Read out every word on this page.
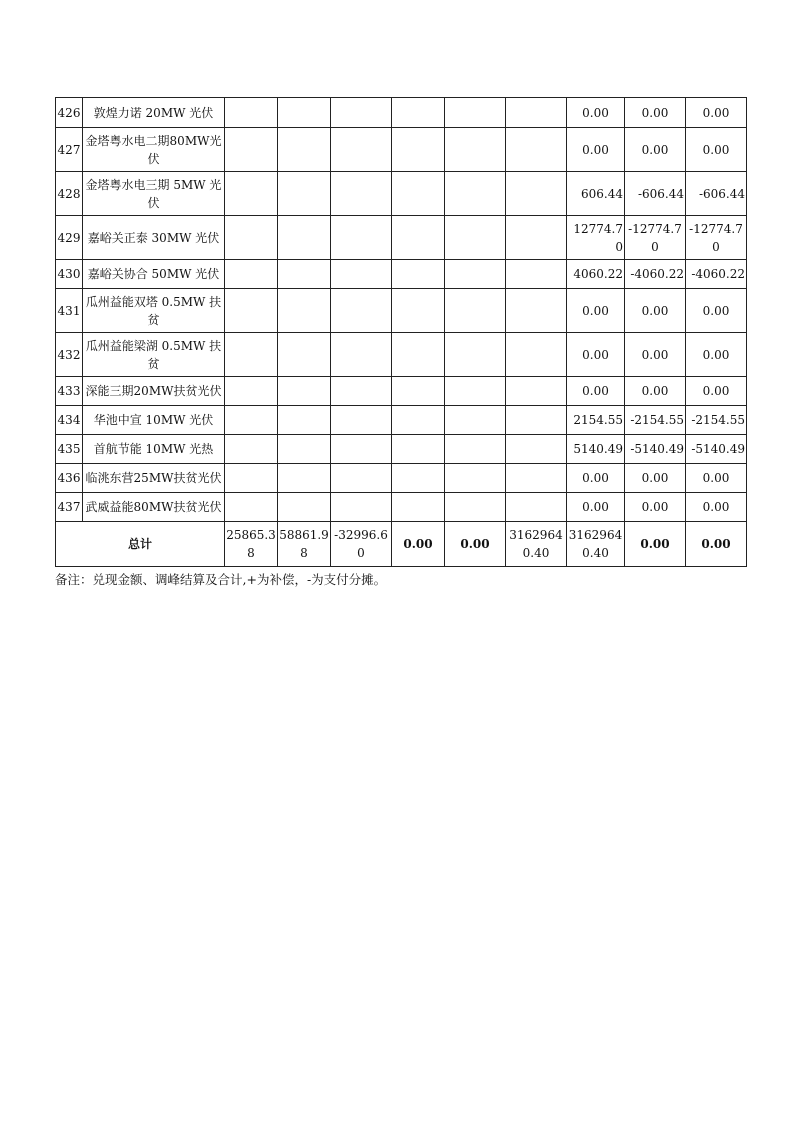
426	敦煌力诺 20MW 光伏							0.00	0.00	0.00
427	金塔粤水电二期80MW光伏							0.00	0.00	0.00
428	金塔粤水电三期 5MW 光伏							606.44	-606.44	-606.44
429	嘉峪关正泰 30MW 光伏							12774.70	-12774.70	-12774.70
430	嘉峪关协合 50MW 光伏							4060.22	-4060.22	-4060.22
431	瓜州益能双塔 0.5MW 扶贫							0.00	0.00	0.00
432	瓜州益能梁湖 0.5MW 扶贫							0.00	0.00	0.00
433	深能三期20MW扶贫光伏							0.00	0.00	0.00
434	华池中宣 10MW 光伏							2154.55	-2154.55	-2154.55
435	首航节能 10MW 光热							5140.49	-5140.49	-5140.49
436	临洮东营25MW扶贫光伏							0.00	0.00	0.00
437	武威益能80MW扶贫光伏							0.00	0.00	0.00
总计		25865.38	58861.98	-32996.60	0.00	0.00	31629640.40	31629640.40	0.00	0.00
备注：兑现金额、调峰结算及合计,+为补偿，-为支付分摊。
